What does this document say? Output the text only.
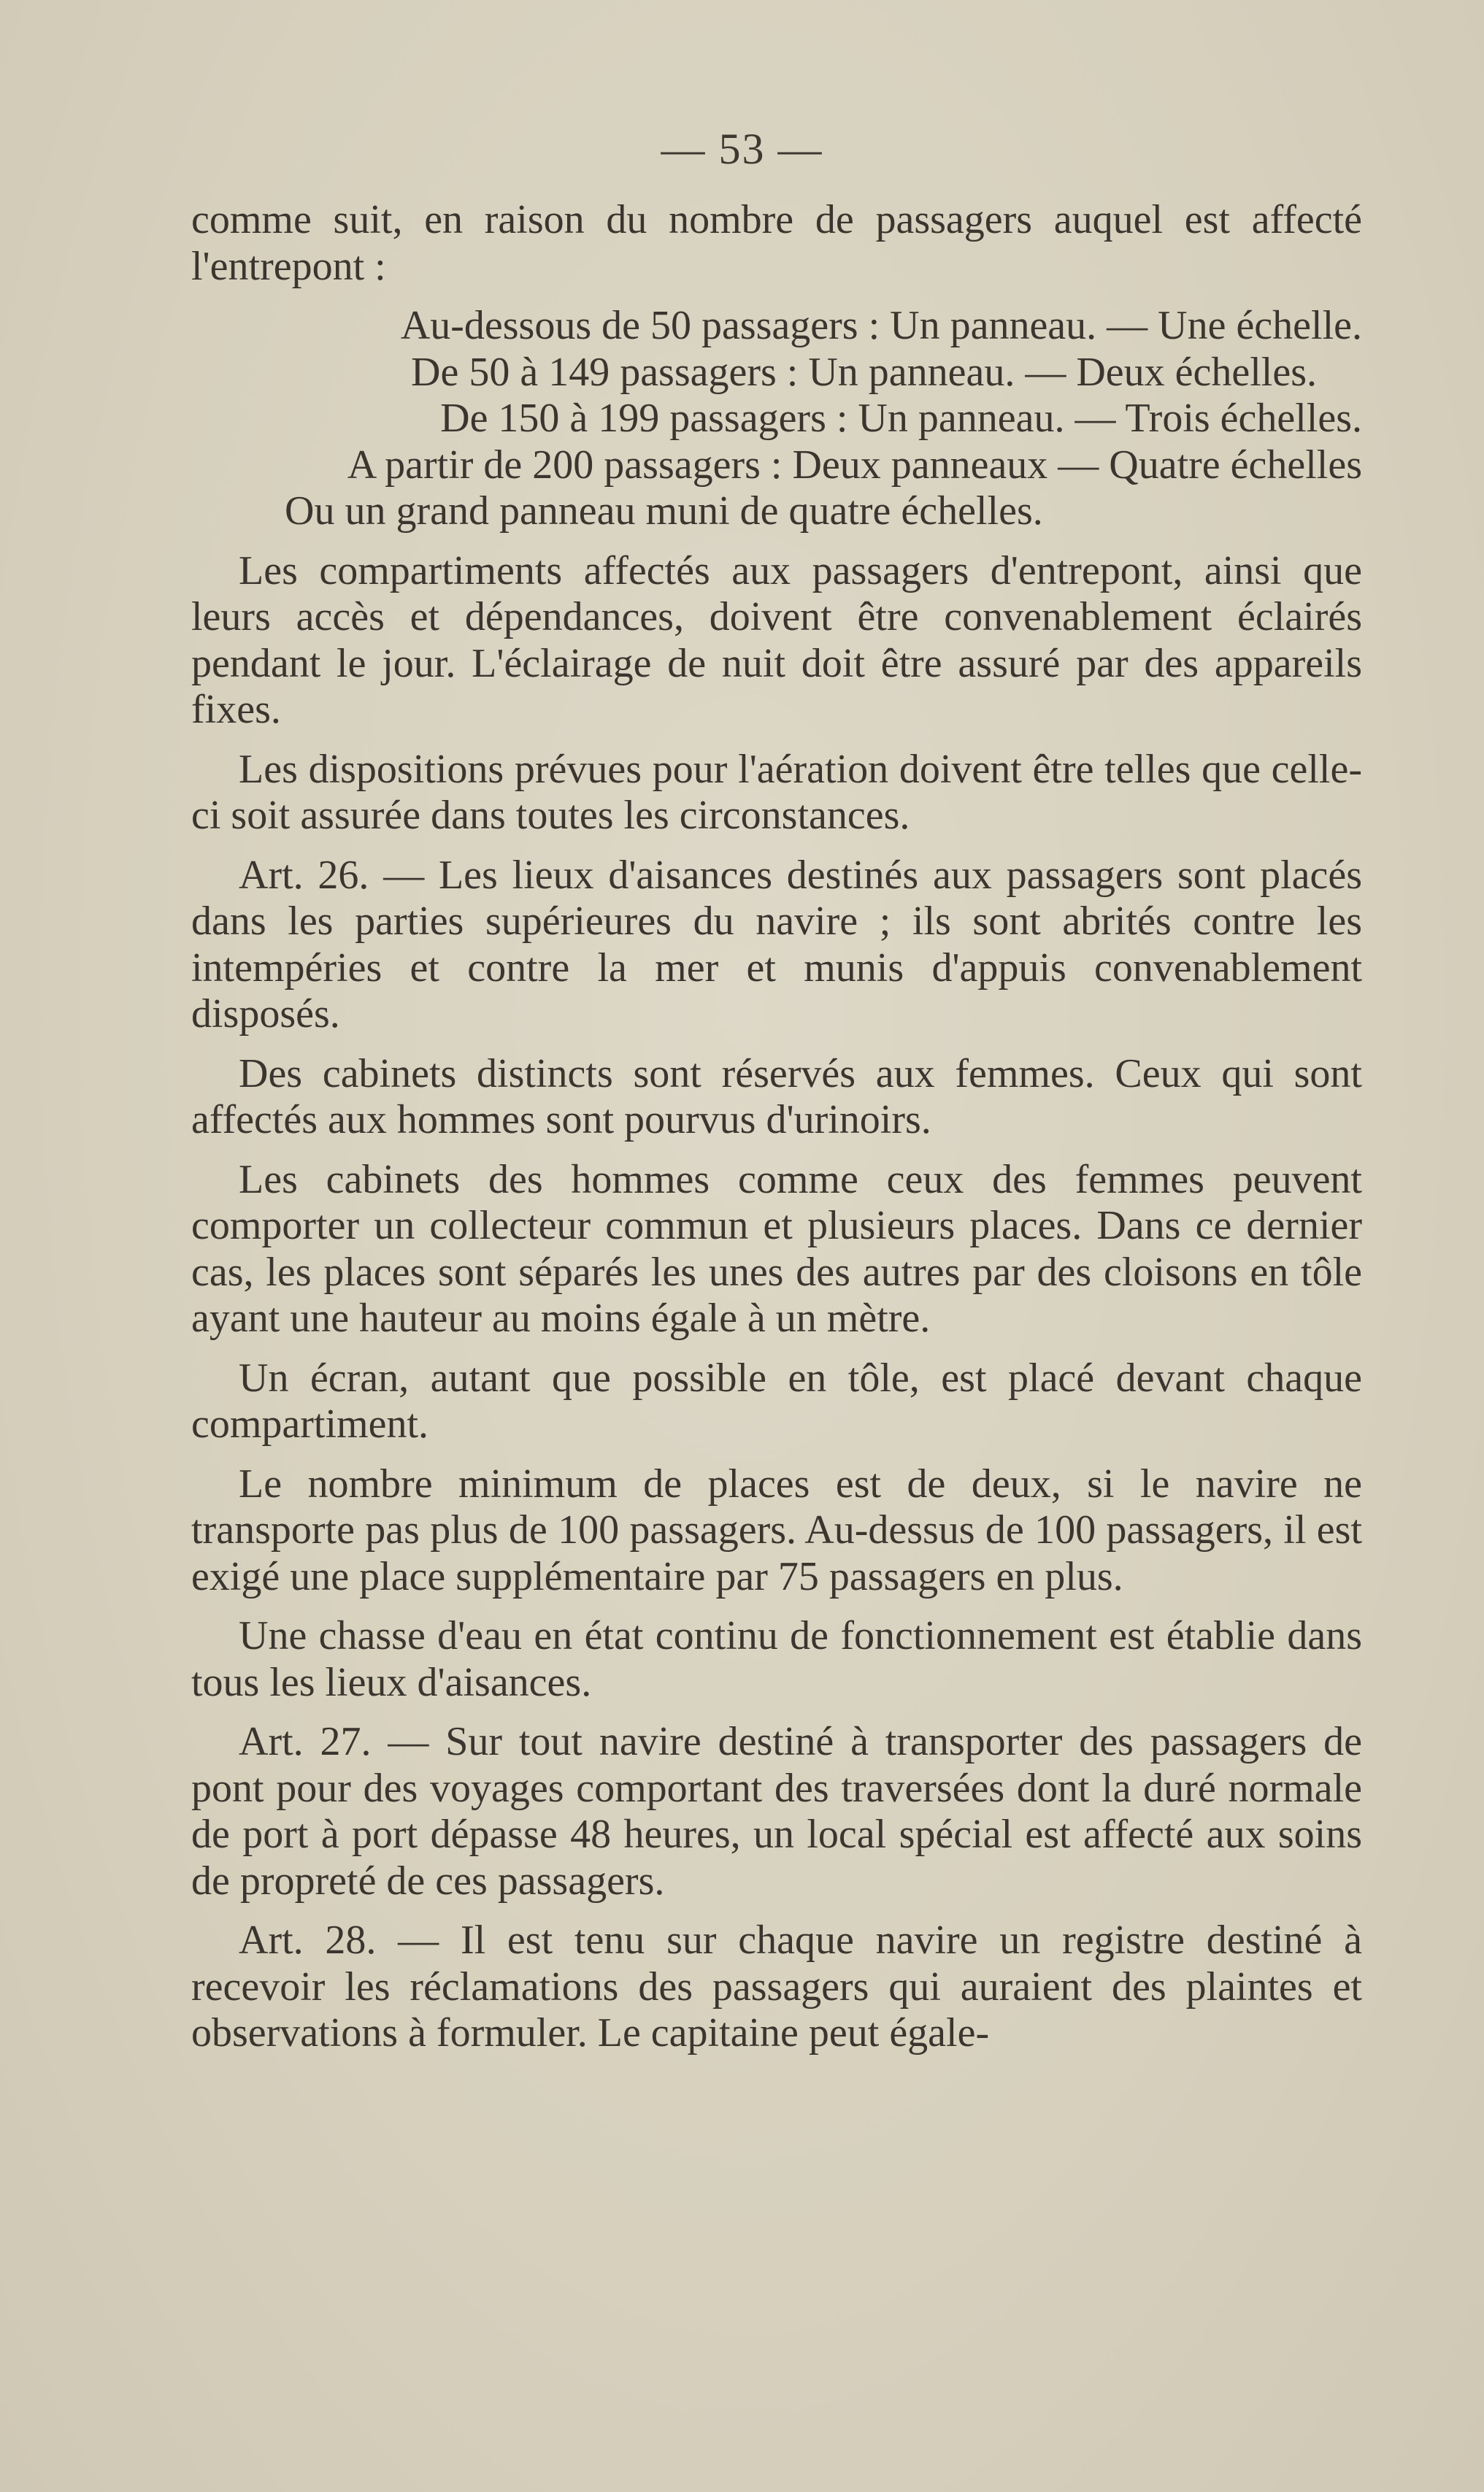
— 53 —

comme suit, en raison du nombre de passagers auquel est affecté l'entrepont :

Au-dessous de 50 passagers : Un panneau. — Une échelle.
De 50 à 149 passagers : Un panneau. — Deux échelles.
De 150 à 199 passagers : Un panneau. — Trois échelles.
A partir de 200 passagers : Deux panneaux — Quatre échelles
Ou un grand panneau muni de quatre échelles.

Les compartiments affectés aux passagers d'entrepont, ainsi que leurs accès et dépendances, doivent être convenablement éclairés pendant le jour. L'éclairage de nuit doit être assuré par des appareils fixes.

Les dispositions prévues pour l'aération doivent être telles que celle-ci soit assurée dans toutes les circonstances.

Art. 26. — Les lieux d'aisances destinés aux passagers sont placés dans les parties supérieures du navire ; ils sont abrités contre les intempéries et contre la mer et munis d'appuis convenablement disposés.

Des cabinets distincts sont réservés aux femmes. Ceux qui sont affectés aux hommes sont pourvus d'urinoirs.

Les cabinets des hommes comme ceux des femmes peuvent comporter un collecteur commun et plusieurs places. Dans ce dernier cas, les places sont séparés les unes des autres par des cloisons en tôle ayant une hauteur au moins égale à un mètre.

Un écran, autant que possible en tôle, est placé devant chaque compartiment.

Le nombre minimum de places est de deux, si le navire ne transporte pas plus de 100 passagers. Au-dessus de 100 passagers, il est exigé une place supplémentaire par 75 passagers en plus.

Une chasse d'eau en état continu de fonctionnement est établie dans tous les lieux d'aisances.

Art. 27. — Sur tout navire destiné à transporter des passagers de pont pour des voyages comportant des traversées dont la duré normale de port à port dépasse 48 heures, un local spécial est affecté aux soins de propreté de ces passagers.

Art. 28. — Il est tenu sur chaque navire un registre destiné à recevoir les réclamations des passagers qui auraient des plaintes et observations à formuler. Le capitaine peut égale-
